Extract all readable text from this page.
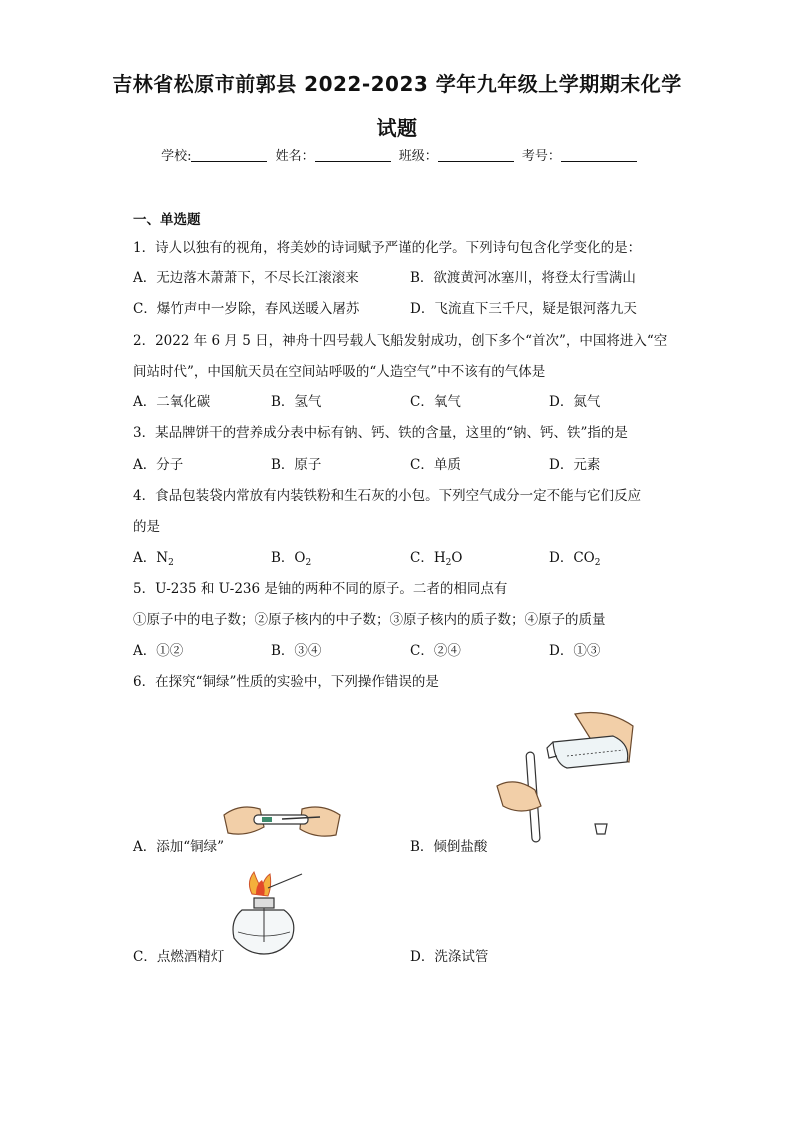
吉林省松原市前郭县 2022-2023 学年九年级上学期期末化学
试题
学校:	姓名：	班级：	考号：
一、单选题
1．诗人以独有的视角，将美妙的诗词赋予严谨的化学。下列诗句包含化学变化的是：
A．无边落木萧萧下，不尽长江滚滚来	B．欲渡黄河冰塞川，将登太行雪满山
C．爆竹声中一岁除，春风送暖入屠苏	D．飞流直下三千尺，疑是银河落九天
2．2022 年 6 月 5 日，神舟十四号载人飞船发射成功，创下多个“首次”，中国将进入“空
间站时代”，中国航天员在空间站呼吸的“人造空气”中不该有的气体是
A．二氧化碳	B．氢气	C．氧气	D．氮气
3．某品牌饼干的营养成分表中标有钠、钙、铁的含量，这里的“钠、钙、铁”指的是
A．分子	B．原子	C．单质	D．元素
4．食品包装袋内常放有内装铁粉和生石灰的小包。下列空气成分一定不能与它们反应
的是
A．$N_2$	B．$O_2$	C．$H_2O$	D．$CO_2$
5．U-235 和 U-236 是铀的两种不同的原子。二者的相同点有
①原子中的电子数；②原子核内的中子数；③原子核内的质子数；④原子的质量
A．①②	B．③④	C．②④	D．①③
6．在探究“铜绿”性质的实验中，下列操作错误的是
A．添加“铜绿”	B．倾倒盐酸
C．点燃酒精灯	D．洗涤试管
